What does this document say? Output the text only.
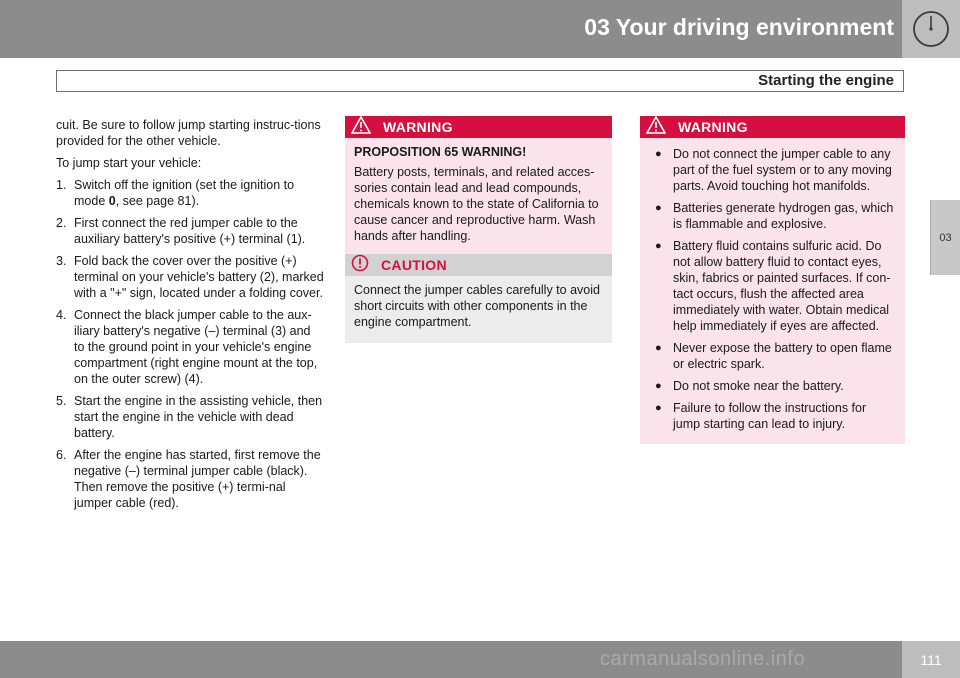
03 Your driving environment
Starting the engine
03

cuit. Be sure to follow jump starting instruc-tions provided for the other vehicle.

To jump start your vehicle:

1. Switch off the ignition (set the ignition to mode 0, see page 81).
2. First connect the red jumper cable to the auxiliary battery's positive (+) terminal (1).
3. Fold back the cover over the positive (+) terminal on your vehicle's battery (2), marked with a "+" sign, located under a folding cover.
4. Connect the black jumper cable to the aux-iliary battery's negative (–) terminal (3) and to the ground point in your vehicle's engine compartment (right engine mount at the top, on the outer screw) (4).
5. Start the engine in the assisting vehicle, then start the engine in the vehicle with dead battery.
6. After the engine has started, first remove the negative (–) terminal jumper cable (black). Then remove the positive (+) termi-nal jumper cable (red).
WARNING

PROPOSITION 65 WARNING!

Battery posts, terminals, and related acces-sories contain lead and lead compounds, chemicals known to the state of California to cause cancer and reproductive harm. Wash hands after handling.

CAUTION

Connect the jumper cables carefully to avoid short circuits with other components in the engine compartment.

WARNING
● Do not connect the jumper cable to any part of the fuel system or to any moving parts. Avoid touching hot manifolds.
● Batteries generate hydrogen gas, which is flammable and explosive.
● Battery fluid contains sulfuric acid. Do not allow battery fluid to contact eyes, skin, fabrics or painted surfaces. If con-tact occurs, flush the affected area immediately with water. Obtain medical help immediately if eyes are affected.
● Never expose the battery to open flame or electric spark.
● Do not smoke near the battery.
● Failure to follow the instructions for jump starting can lead to injury.
carmanualsonline.info	111
